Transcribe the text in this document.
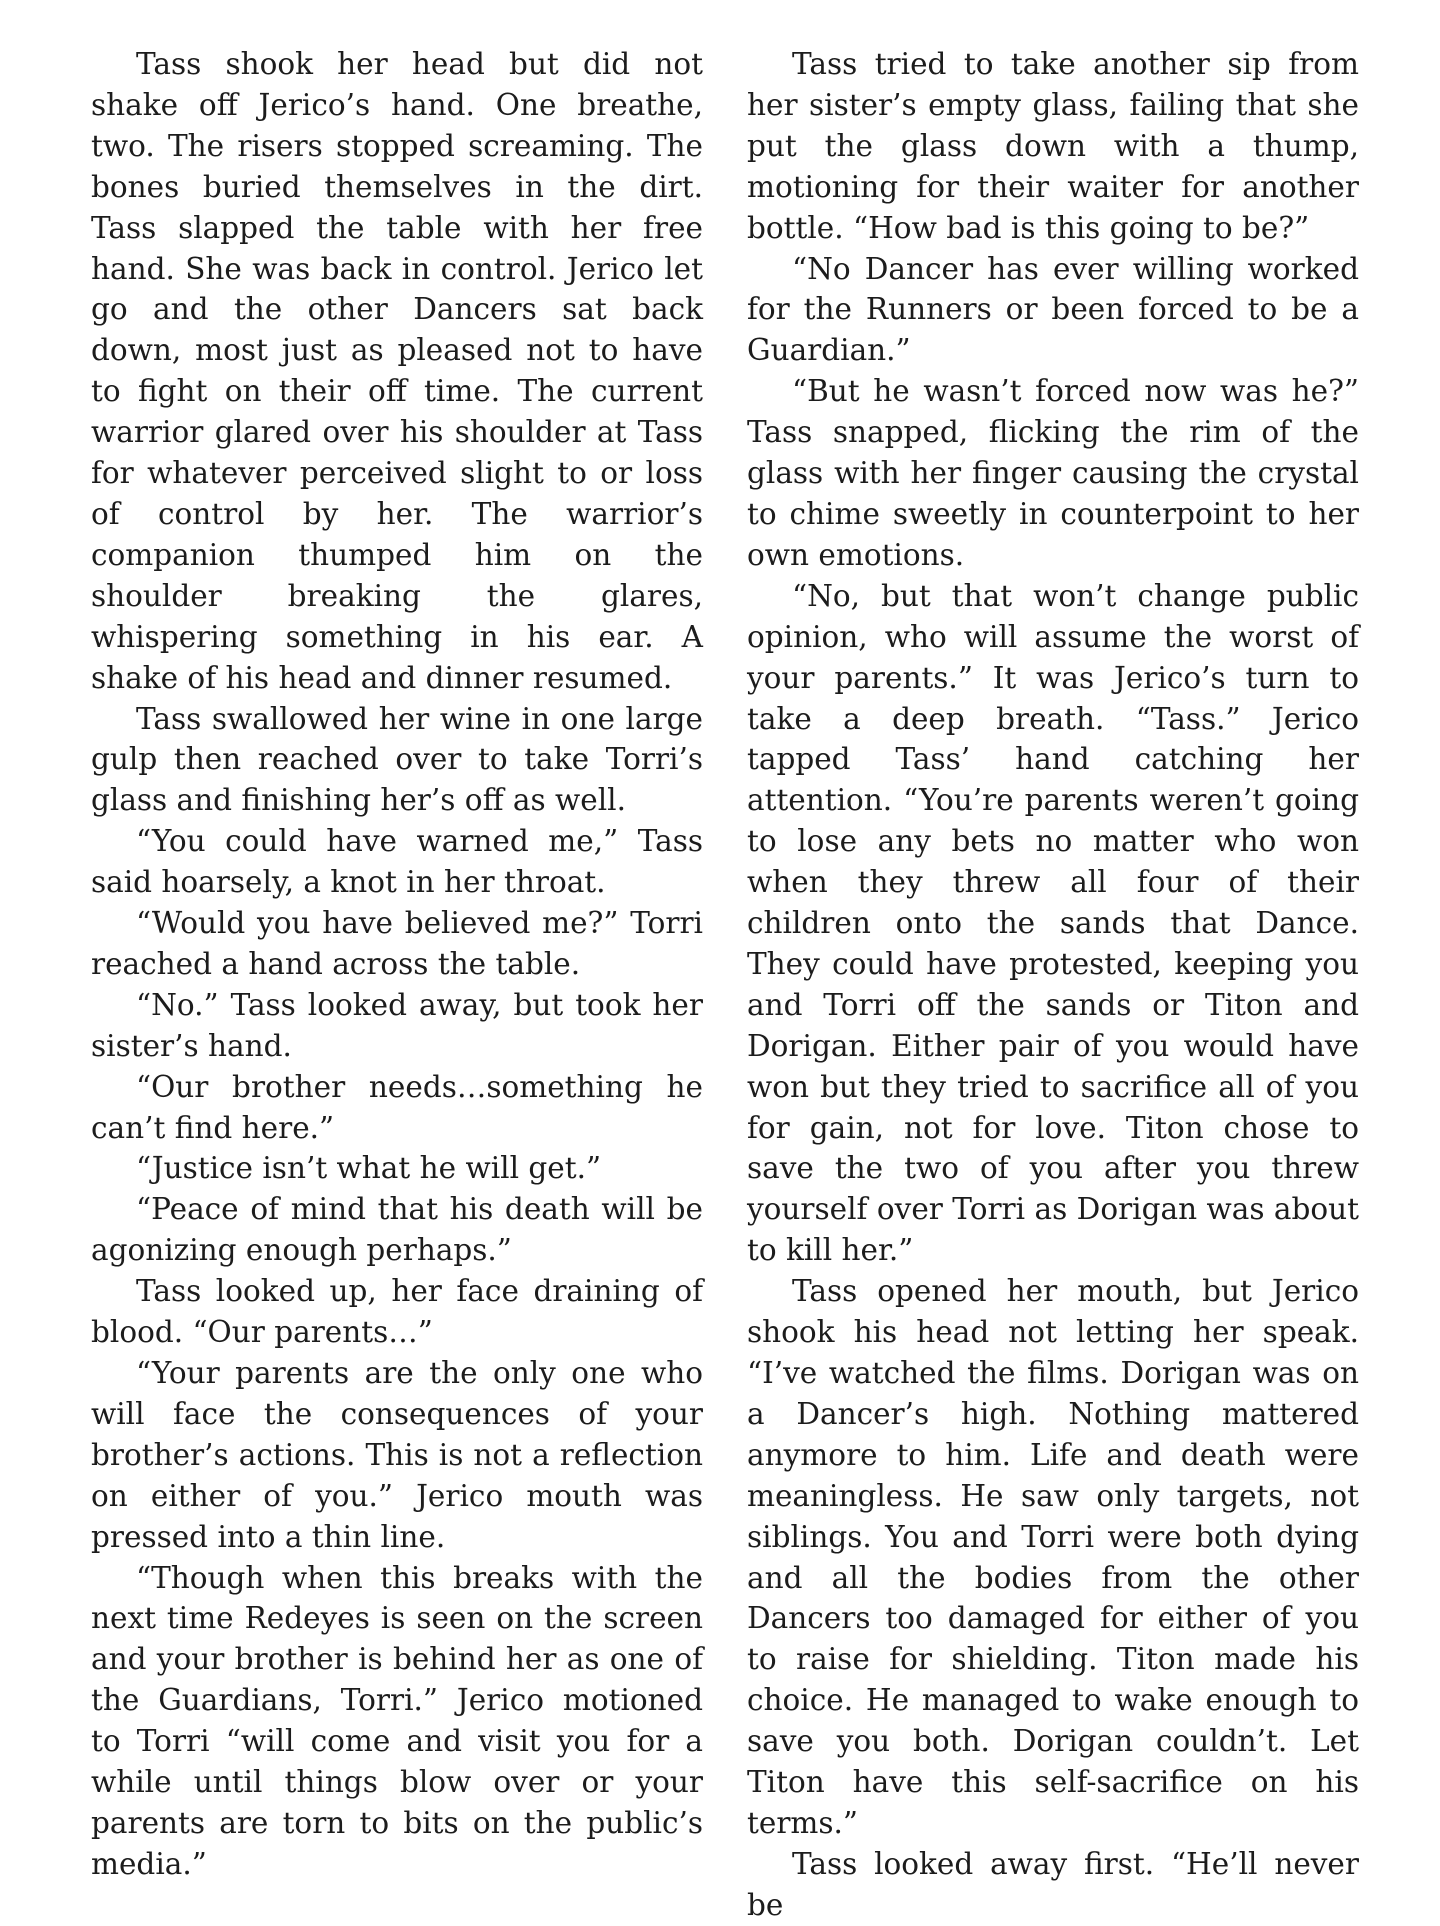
Tass shook her head but did not shake off Jerico’s hand. One breathe, two. The risers stopped screaming. The bones buried themselves in the dirt. Tass slapped the table with her free hand. She was back in control. Jerico let go and the other Dancers sat back down, most just as pleased not to have to fight on their off time. The current warrior glared over his shoulder at Tass for whatever perceived slight to or loss of control by her. The warrior’s companion thumped him on the shoulder breaking the glares, whispering something in his ear. A shake of his head and dinner resumed.

Tass swallowed her wine in one large gulp then reached over to take Torri’s glass and finishing her’s off as well.

“You could have warned me,” Tass said hoarsely, a knot in her throat.

“Would you have believed me?” Torri reached a hand across the table.

“No.” Tass looked away, but took her sister’s hand.

“Our brother needs…something he can’t find here.”

“Justice isn’t what he will get.”

“Peace of mind that his death will be agonizing enough perhaps.”

Tass looked up, her face draining of blood. “Our parents…”

“Your parents are the only one who will face the consequences of your brother’s actions. This is not a reflection on either of you.” Jerico mouth was pressed into a thin line.

“Though when this breaks with the next time Redeyes is seen on the screen and your brother is behind her as one of the Guardians, Torri.” Jerico motioned to Torri “will come and visit you for a while until things blow over or your parents are torn to bits on the public’s media.”

Tass tried to take another sip from her sister’s empty glass, failing that she put the glass down with a thump, motioning for their waiter for another bottle. “How bad is this going to be?”

“No Dancer has ever willing worked for the Runners or been forced to be a Guardian.”

“But he wasn’t forced now was he?” Tass snapped, flicking the rim of the glass with her finger causing the crystal to chime sweetly in counterpoint to her own emotions.

“No, but that won’t change public opinion, who will assume the worst of your parents.” It was Jerico’s turn to take a deep breath. “Tass.” Jerico tapped Tass’ hand catching her attention. “You’re parents weren’t going to lose any bets no matter who won when they threw all four of their children onto the sands that Dance. They could have protested, keeping you and Torri off the sands or Titon and Dorigan. Either pair of you would have won but they tried to sacrifice all of you for gain, not for love. Titon chose to save the two of you after you threw yourself over Torri as Dorigan was about to kill her.”

Tass opened her mouth, but Jerico shook his head not letting her speak. “I’ve watched the films. Dorigan was on a Dancer’s high. Nothing mattered anymore to him. Life and death were meaningless. He saw only targets, not siblings. You and Torri were both dying and all the bodies from the other Dancers too damaged for either of you to raise for shielding. Titon made his choice. He managed to wake enough to save you both. Dorigan couldn’t. Let Titon have this self-sacrifice on his terms.”

Tass looked away first. “He’ll never be
